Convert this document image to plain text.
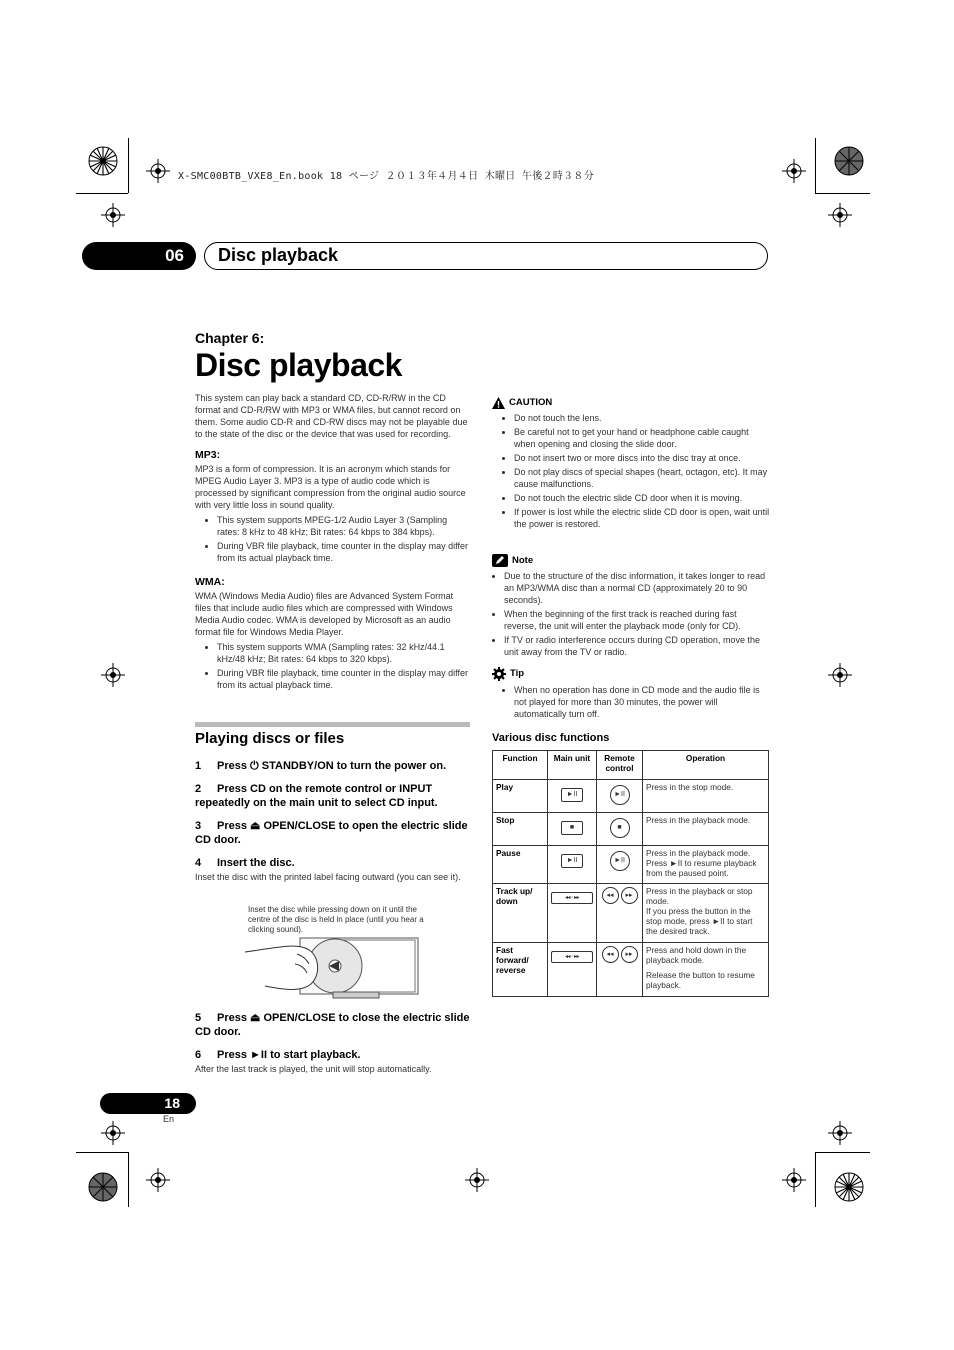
X-SMC00BTB_VXE8_En.book 18 ページ ２０１３年４月４日 木曜日 午後２時３８分
06	Disc playback
Chapter 6:
Disc playback

This system can play back a standard CD, CD-R/RW in the CD format and CD-R/RW with MP3 or WMA files, but cannot record on them. Some audio CD-R and CD-RW discs may not be playable due to the state of the disc or the device that was used for recording.

MP3:

MP3 is a form of compression. It is an acronym which stands for MPEG Audio Layer 3. MP3 is a type of audio code which is processed by significant compression from the original audio source with very little loss in sound quality.

• This system supports MPEG-1/2 Audio Layer 3 (Sampling rates: 8 kHz to 48 kHz; Bit rates: 64 kbps to 384 kbps).
• During VBR file playback, time counter in the display may differ from its actual playback time.
WMA:

WMA (Windows Media Audio) files are Advanced System Format files that include audio files which are compressed with Windows Media Audio codec. WMA is developed by Microsoft as an audio format file for Windows Media Player.

• This system supports WMA (Sampling rates: 32 kHz/44.1 kHz/48 kHz; Bit rates: 64 kbps to 320 kbps).
• During VBR file playback, time counter in the display may differ from its actual playback time.
Playing discs or files
1 Press ⏻ STANDBY/ON to turn the power on.
2 Press CD on the remote control or INPUT repeatedly on the main unit to select CD input.
3 Press ⏏ OPEN/CLOSE to open the electric slide CD door.
4 Insert the disc.
Inset the disc with the printed label facing outward (you can see it).
Inset the disc while pressing down on it until the centre of the disc is held in place (until you hear a clicking sound).
5 Press ⏏ OPEN/CLOSE to close the electric slide CD door.
6 Press ►II to start playback.
After the last track is played, the unit will stop automatically.
CAUTION
• Do not touch the lens.
• Be careful not to get your hand or headphone cable caught when opening and closing the slide door.
• Do not insert two or more discs into the disc tray at once.
• Do not play discs of special shapes (heart, octagon, etc). It may cause malfunctions.
• Do not touch the electric slide CD door when it is moving.
• If power is lost while the electric slide CD door is open, wait until the power is restored.
Note
• Due to the structure of the disc information, it takes longer to read an MP3/WMA disc than a normal CD (approximately 20 to 90 seconds).
• When the beginning of the first track is reached during fast reverse, the unit will enter the playback mode (only for CD).
• If TV or radio interference occurs during CD operation, move the unit away from the TV or radio.
Tip
• When no operation has done in CD mode and the audio file is not played for more than 30 minutes, the power will automatically turn off.
Various disc functions
Function	Main unit	Remote control	Operation
Play	►II	►II	Press in the stop mode.
Stop	■	■	Press in the playback mode.
Pause	►II	►II	Press in the playback mode. Press ►II to resume playback from the paused point.
Track up/ down	◂◂ ◦ ▸▸	◂◂ ▸▸	Press in the playback or stop mode.
If you press the button in the stop mode, press ►II to start the desired track.

Fast forward/ reverse	◂◂ ◦ ▸▸	◂◂ ▸▸	Press and hold down in the playback mode.
Release the button to resume playback.
18
En
